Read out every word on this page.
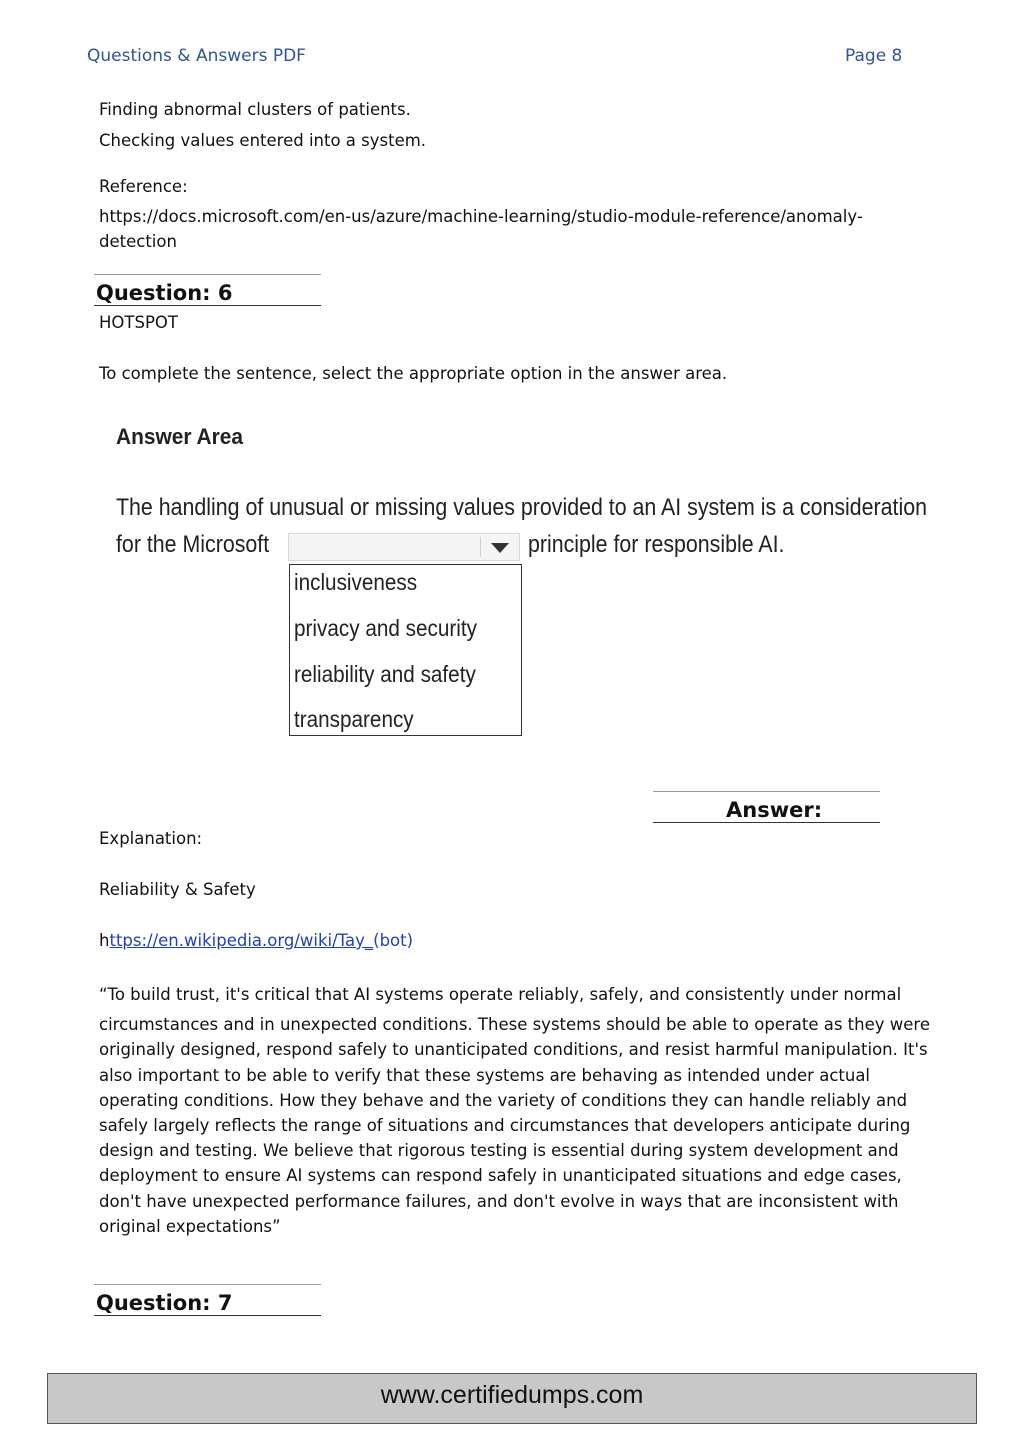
Questions & Answers PDF	Page 8
Finding abnormal clusters of patients.
Checking values entered into a system.
Reference:
https://docs.microsoft.com/en-us/azure/machine-learning/studio-module-reference/anomaly-
detection
Question: 6
HOTSPOT
To complete the sentence, select the appropriate option in the answer area.
Answer Area
The handling of unusual or missing values provided to an AI system is a consideration
for the Microsoft	principle for responsible AI.
inclusiveness
privacy and security
reliability and safety
transparency
Answer:
Explanation:
Reliability & Safety
https://en.wikipedia.org/wiki/Tay_(bot)
“To build trust, it's critical that AI systems operate reliably, safely, and consistently under normal
circumstances and in unexpected conditions. These systems should be able to operate as they were
originally designed, respond safely to unanticipated conditions, and resist harmful manipulation. It's
also important to be able to verify that these systems are behaving as intended under actual
operating conditions. How they behave and the variety of conditions they can handle reliably and
safely largely reflects the range of situations and circumstances that developers anticipate during
design and testing. We believe that rigorous testing is essential during system development and
deployment to ensure AI systems can respond safely in unanticipated situations and edge cases,
don't have unexpected performance failures, and don't evolve in ways that are inconsistent with
original expectations”
Question: 7
www.certifiedumps.com
